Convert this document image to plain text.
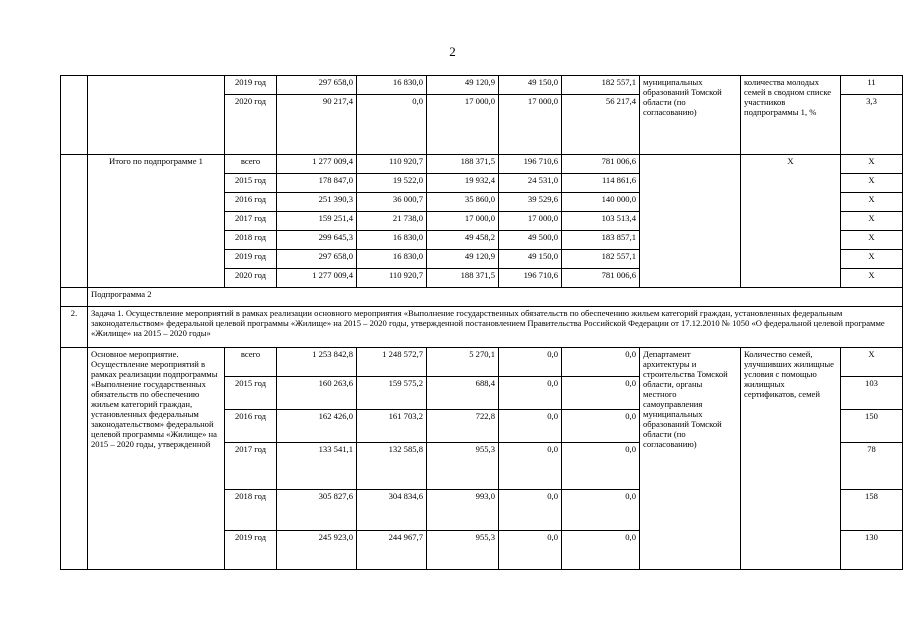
2
		2019 год	297 658,0	16 830,0	49 120,9	49 150,0	182 557,1	муниципальных образований Томской области (по согласованию)	количества молодых семей в сводном списке участников подпрограммы 1, %	11
		2020 год	90 217,4	0,0	17 000,0	17 000,0	56 217,4			3,3
	Итого по подпрограмме 1	всего	1 277 009,4	110 920,7	188 371,5	196 710,6	781 006,6		X	X
		2015 год	178 847,0	19 522,0	19 932,4	24 531,0	114 861,6			X
		2016 год	251 390,3	36 000,7	35 860,0	39 529,6	140 000,0			X
		2017 год	159 251,4	21 738,0	17 000,0	17 000,0	103 513,4			X
		2018 год	299 645,3	16 830,0	49 458,2	49 500,0	183 857,1			X
		2019 год	297 658,0	16 830,0	49 120,9	49 150,0	182 557,1			X
		2020 год	1 277 009,4	110 920,7	188 371,5	196 710,6	781 006,6			X
	Подпрограмма 2									
2.	Задача 1. Осуществление мероприятий в рамках реализации основного мероприятия «Выполнение государственных обязательств по обеспечению жильем категорий граждан, установленных федеральным законодательством» федеральной целевой программы «Жилище» на 2015 – 2020 годы, утвержденной постановлением Правительства Российской Федерации от 17.12.2010 № 1050 «О федеральной целевой программе «Жилище» на 2015 – 2020 годы»									
	Основное мероприятие. Осуществление мероприятий в рамках реализации подпрограммы «Выполнение государственных обязательств по обеспечению жильем категорий граждан, установленных федеральным законодательством» федеральной целевой программы «Жилище» на 2015 – 2020 годы, утвержденной	всего	1 253 842,8	1 248 572,7	5 270,1	0,0	0,0	Департамент архитектуры и строительства Томской области, органы местного самоуправления муниципальных образований Томской области (по согласованию)	Количество семей, улучшивших жилищные условия с помощью жилищных сертификатов, семей	X
		2015 год	160 263,6	159 575,2	688,4	0,0	0,0			103
		2016 год	162 426,0	161 703,2	722,8	0,0	0,0			150
		2017 год	133 541,1	132 585,8	955,3	0,0	0,0			78
		2018 год	305 827,6	304 834,6	993,0	0,0	0,0			158
		2019 год	245 923,0	244 967,7	955,3	0,0	0,0			130
